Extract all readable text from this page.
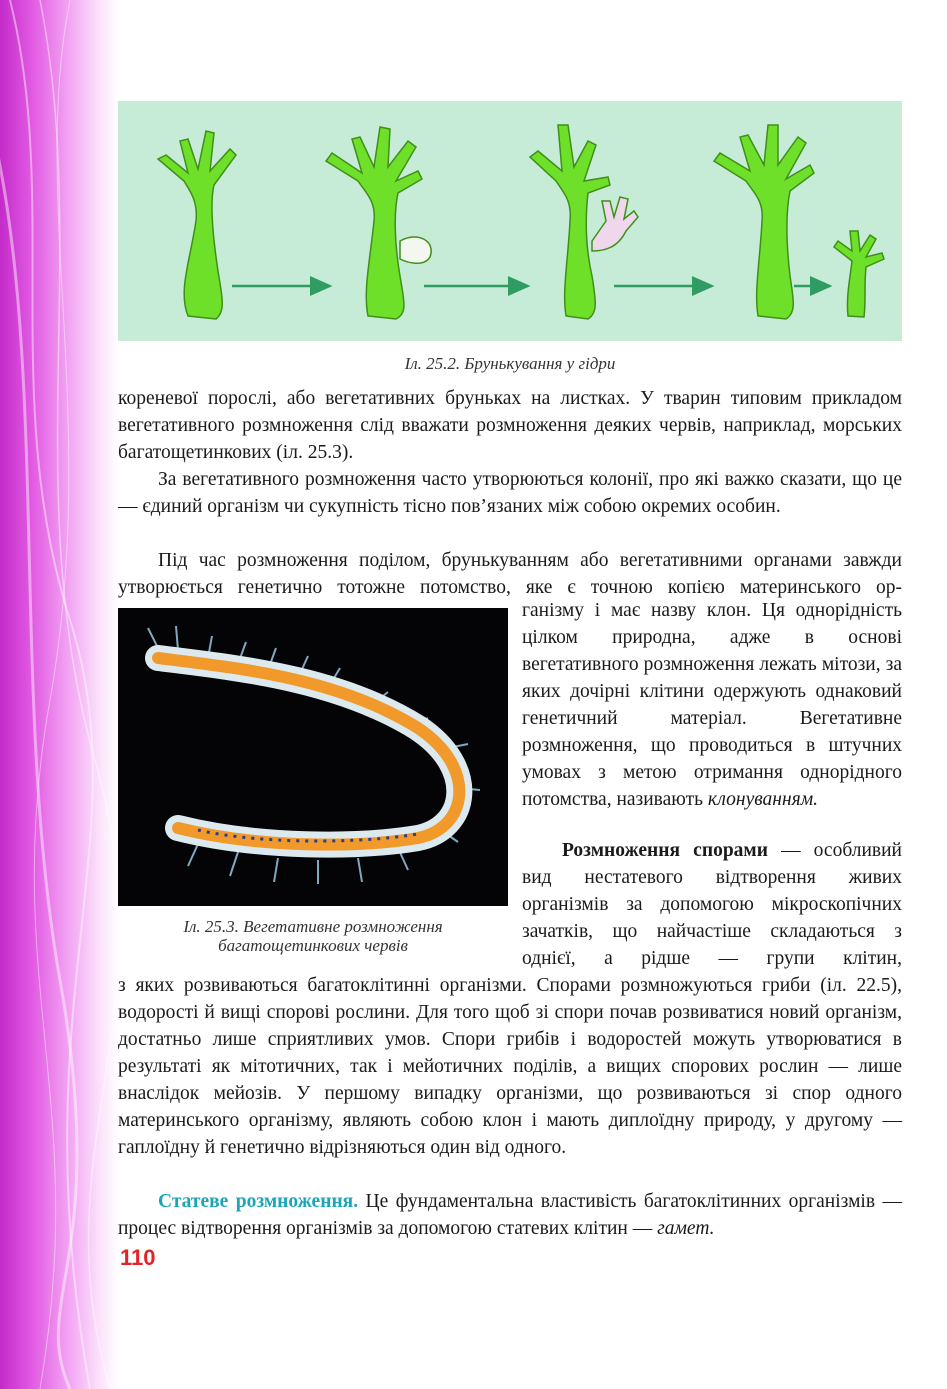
Іл. 25.2. Брунькування у гідри
кореневої порослі, або вегетативних бруньках на листках. У тварин типовим прикладом вегетативного розмноження слід вважати розмноження деяких червів, наприклад, морських багатощетинкових (іл. 25.3).
За вегетативного розмноження часто утворюються колонії, про які важко сказати, що це — єдиний організм чи сукупність тісно пов’язаних між собою окремих особин.
Під час розмноження поділом, брунькуванням або вегетативними органами завжди утворюється генетично тотожне потомство, яке є точною копією материнського ор-
Іл. 25.3. Вегетативне розмноження
багатощетинкових червів
ганізму і має назву клон. Ця однорідність цілком природна, адже в основі вегетативного розмноження лежать мітози, за яких дочірні клітини одержують однаковий генетичний матеріал. Вегетативне розмноження, що проводиться в штучних умовах з метою отримання однорідного потомства, називають клонуванням.
Розмноження спорами — особливий вид нестатевого відтворення живих організмів за допомогою мікроскопічних зачатків, що найчастіше складаються з однієї, а рідше — групи клітин,
з яких розвиваються багатоклітинні організми. Спорами розмножуються гриби (іл. 22.5), водорості й вищі спорові рослини. Для того щоб зі спори почав розвиватися новий організм, достатньо лише сприятливих умов. Спори грибів і водоростей можуть утворюватися в результаті як мітотичних, так і мейотичних поділів, а вищих спорових рослин — лише внаслідок мейозів. У першому випадку організми, що розвиваються зі спор одного материнського організму, являють собою клон і мають диплоїдну природу, у другому — гаплоїдну й генетично відрізняються один від одного.
Статеве розмноження. Це фундаментальна властивість багатоклітинних організмів — процес відтворення організмів за допомогою статевих клітин — гамет.
110
